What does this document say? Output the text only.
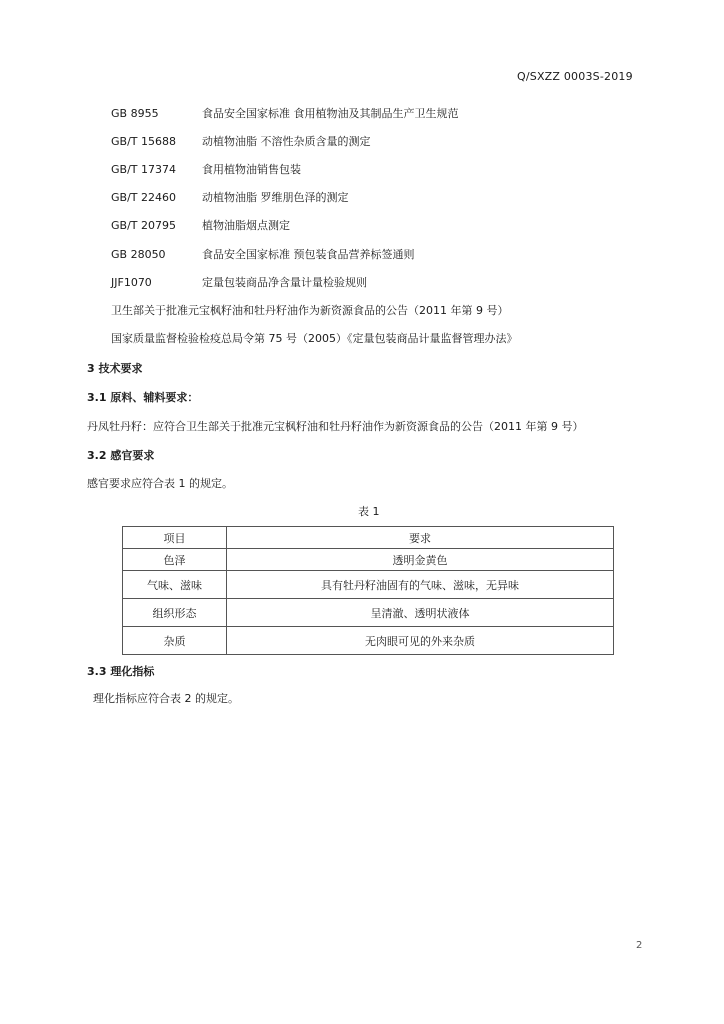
Q/SXZZ 0003S-2019
GB 8955	食品安全国家标准 食用植物油及其制品生产卫生规范
GB/T 15688	动植物油脂 不溶性杂质含量的测定
GB/T 17374	食用植物油销售包装
GB/T 22460	动植物油脂 罗维朋色泽的测定
GB/T 20795	植物油脂烟点测定
GB 28050	食品安全国家标准 预包装食品营养标签通则
JJF1070	定量包装商品净含量计量检验规则
卫生部关于批准元宝枫籽油和牡丹籽油作为新资源食品的公告（2011 年第 9 号）
国家质量监督检验检疫总局令第 75 号（2005）《定量包装商品计量监督管理办法》
3 技术要求
3.1 原料、辅料要求：
丹凤牡丹籽：应符合卫生部关于批准元宝枫籽油和牡丹籽油作为新资源食品的公告（2011 年第 9 号）
3.2 感官要求
感官要求应符合表 1 的规定。
表 1
项目	要求
色泽	透明金黄色
气味、滋味	具有牡丹籽油固有的气味、滋味，无异味
组织形态	呈清澈、透明状液体
杂质	无肉眼可见的外来杂质
3.3 理化指标
理化指标应符合表 2 的规定。
2
